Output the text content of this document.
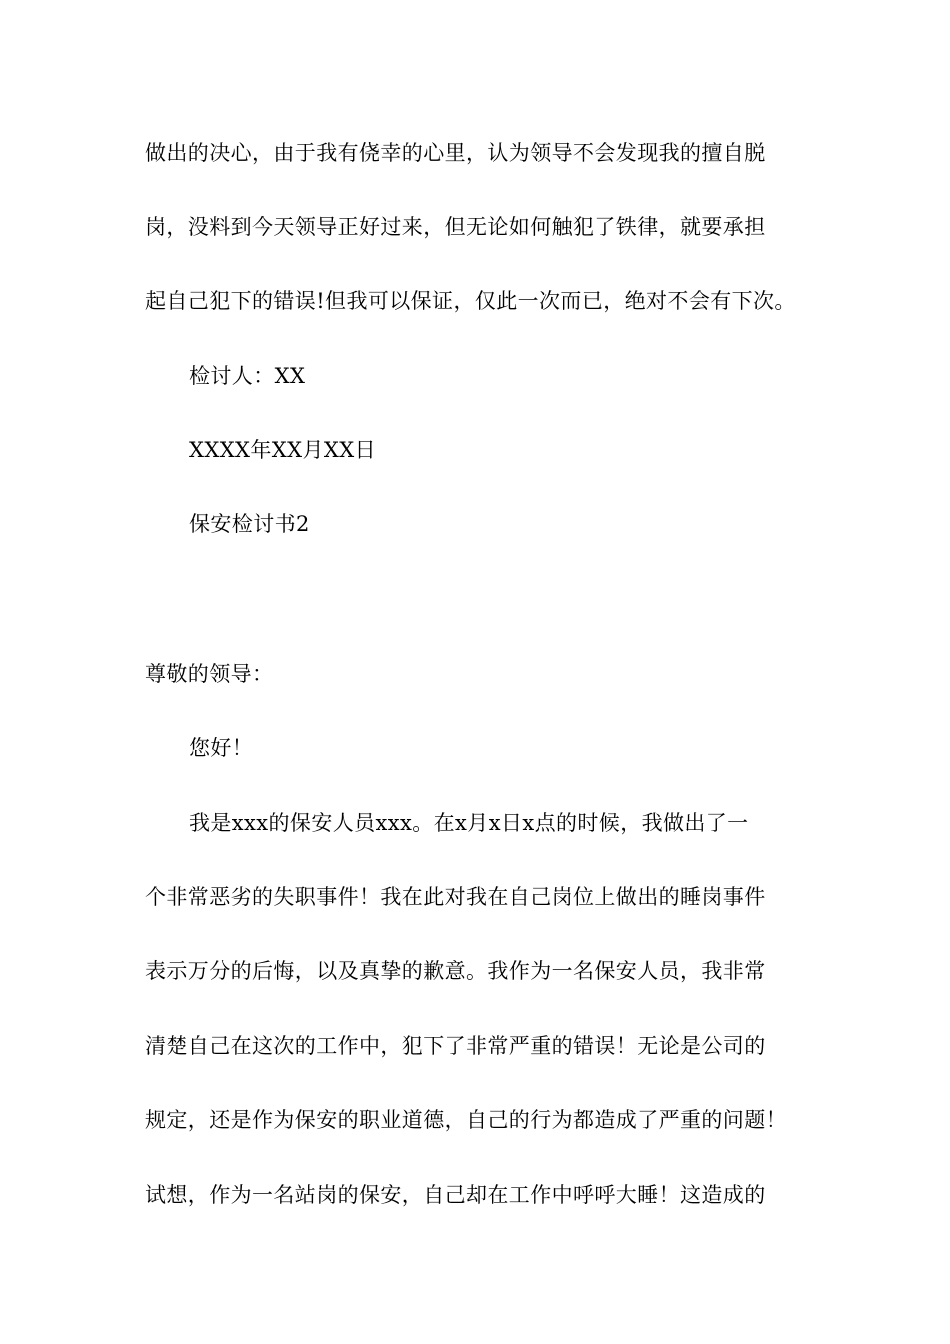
做出的决心，由于我有侥幸的心里，认为领导不会发现我的擅自脱
岗，没料到今天领导正好过来，但无论如何触犯了铁律，就要承担
起自己犯下的错误!但我可以保证，仅此一次而已，绝对不会有下次。
检讨人：XX
XXXX年XX月XX日
保安检讨书2
尊敬的领导：
您好！
我是xxx的保安人员xxx。在x月x日x点的时候，我做出了一
个非常恶劣的失职事件！我在此对我在自己岗位上做出的睡岗事件
表示万分的后悔，以及真挚的歉意。我作为一名保安人员，我非常
清楚自己在这次的工作中，犯下了非常严重的错误！无论是公司的
规定，还是作为保安的职业道德，自己的行为都造成了严重的问题！
试想，作为一名站岗的保安，自己却在工作中呼呼大睡！这造成的
